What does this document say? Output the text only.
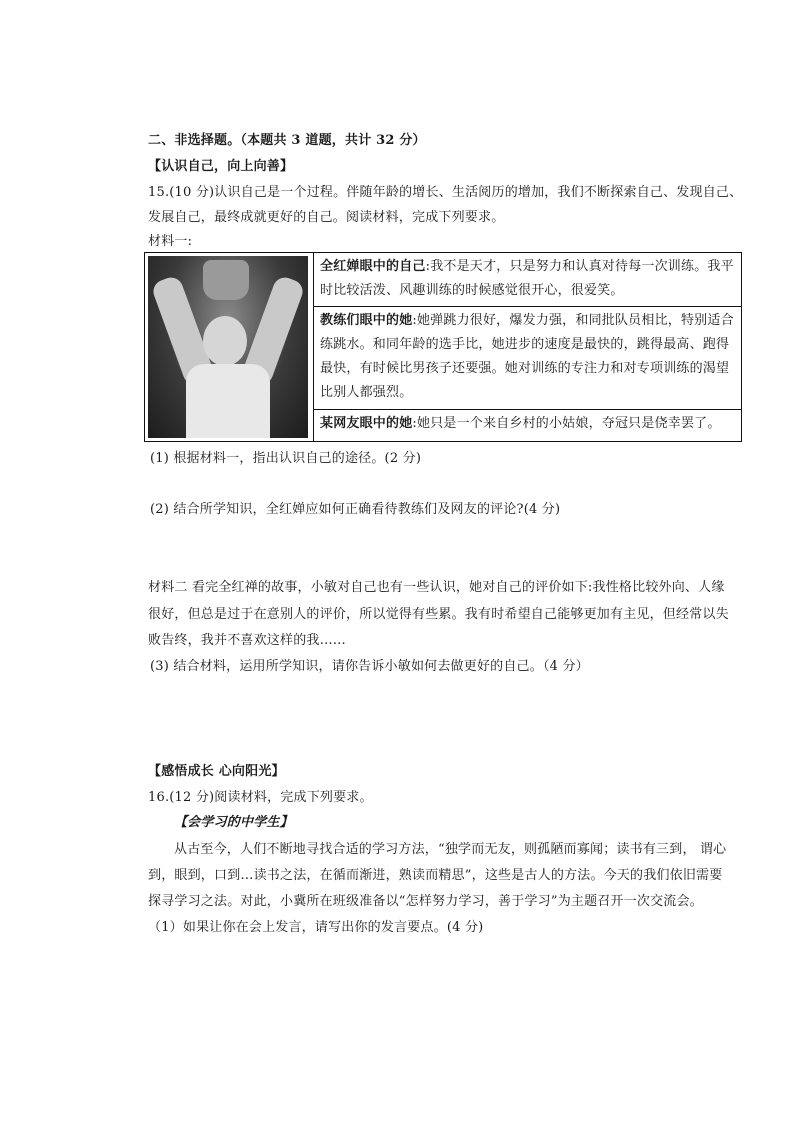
二、非选择题。（本题共 3 道题，共计 32 分）
【认识自己，向上向善】
15.(10 分)认识自己是一个过程。伴随年龄的增长、生活阅历的增加，我们不断探索自己、发现自己、
发展自己，最终成就更好的自己。阅读材料，完成下列要求。
材料一:

全红婵眼中的自己:我不是天才，只是努力和认真对待每一次训练。我平时比较活泼、风趣训练的时候感觉很开心，很爱笑。

教练们眼中的她:她弹跳力很好，爆发力强，和同批队员相比，特别适合练跳水。和同年龄的选手比，她进步的速度是最快的，跳得最高、跑得最快，有时候比男孩子还要强。她对训练的专注力和对专项训练的渴望比别人都强烈。

某网友眼中的她:她只是一个来自乡村的小姑娘，夺冠只是侥幸罢了。
(1) 根据材料一，指出认识自己的途径。(2 分)
(2) 结合所学知识，全红婵应如何正确看待教练们及网友的评论?(4 分)
材料二 看完全红禅的故事，小敏对自己也有一些认识，她对自己的评价如下:我性格比较外向、人缘
很好，但总是过于在意别人的评价，所以觉得有些累。我有时希望自己能够更加有主见，但经常以失
败告终，我并不喜欢这样的我……
(3) 结合材料，运用所学知识，请你告诉小敏如何去做更好的自己。（4 分）
【感悟成长 心向阳光】
16.(12 分)阅读材料，完成下列要求。
【会学习的中学生】
从古至今，人们不断地寻找合适的学习方法，“独学而无友，则孤陋而寡闻；读书有三到， 谓心
到，眼到，口到…读书之法，在循而渐进，熟读而精思”，这些是古人的方法。今天的我们依旧需要
探寻学习之法。对此，小冀所在班级准备以“怎样努力学习，善于学习”为主题召开一次交流会。
（1）如果让你在会上发言，请写出你的发言要点。(4 分)
